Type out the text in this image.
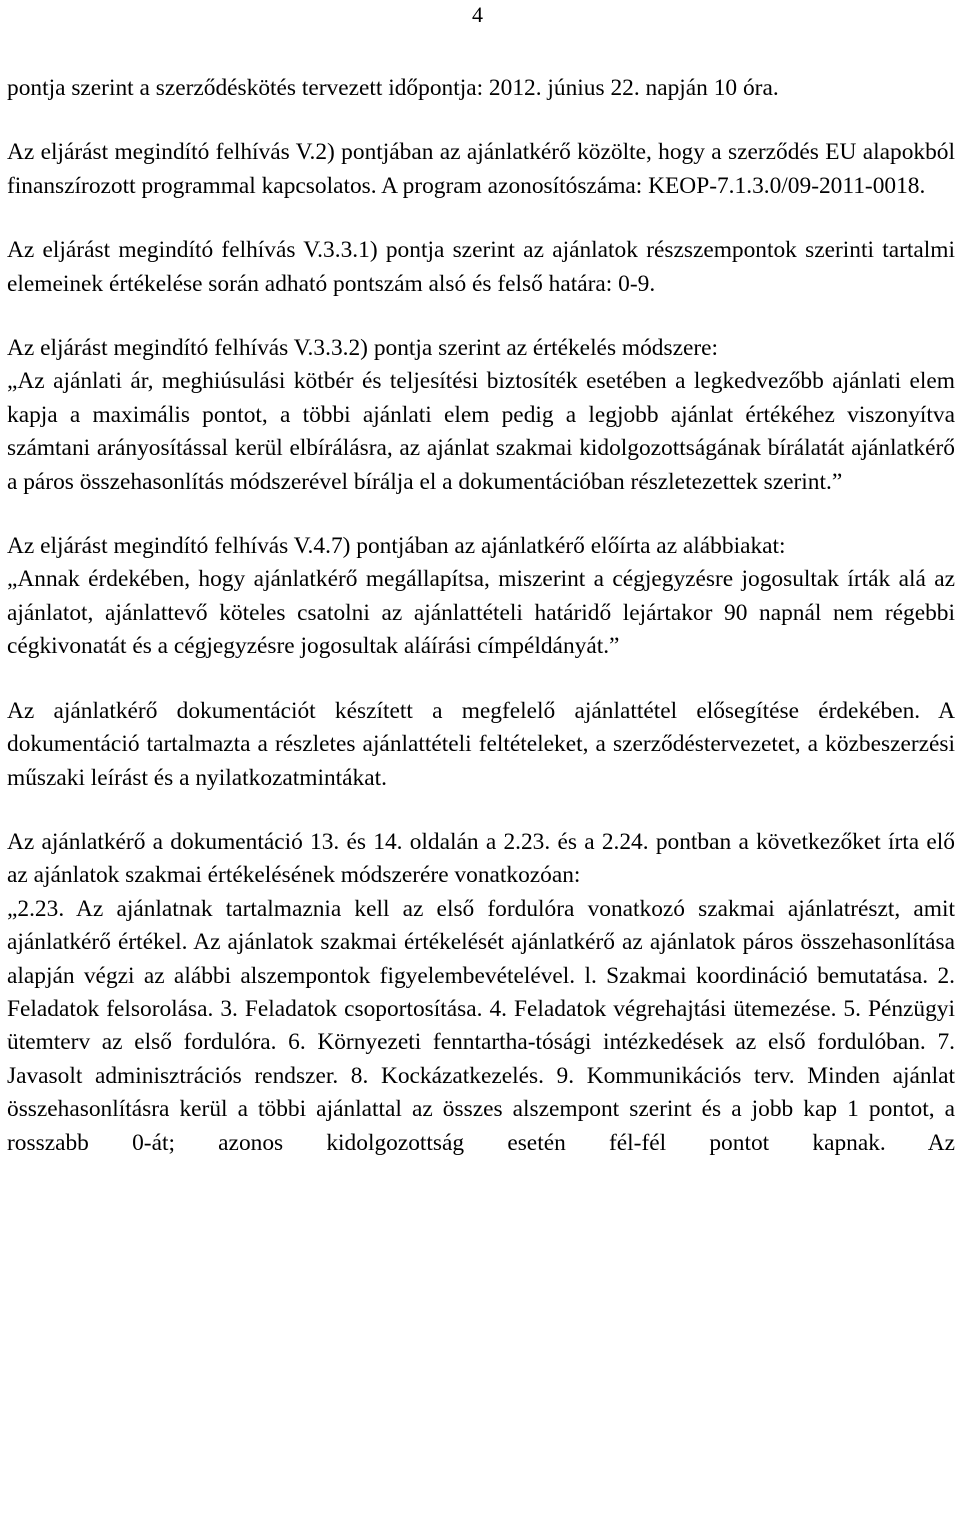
4

pontja szerint a szerződéskötés tervezett időpontja: 2012. június 22. napján 10 óra.

Az eljárást megindító felhívás V.2) pontjában az ajánlatkérő közölte, hogy a szerződés EU alapokból finanszírozott programmal kapcsolatos. A program azonosítószáma: KEOP-7.1.3.0/09-2011-0018.

Az eljárást megindító felhívás V.3.3.1) pontja szerint az ajánlatok részszempontok szerinti tartalmi elemeinek értékelése során adható pontszám alsó és felső határa: 0-9.

Az eljárást megindító felhívás V.3.3.2) pontja szerint az értékelés módszere:
„Az ajánlati ár, meghiúsulási kötbér és teljesítési biztosíték esetében a legkedvezőbb ajánlati elem kapja a maximális pontot, a többi ajánlati elem pedig a legjobb ajánlat értékéhez viszonyítva számtani arányosítással kerül elbírálásra, az ajánlat szakmai kidolgozottságának bírálatát ajánlatkérő a páros összehasonlítás módszerével bírálja el a dokumentációban részletezettek szerint.”

Az eljárást megindító felhívás V.4.7) pontjában az ajánlatkérő előírta az alábbiakat:
„Annak érdekében, hogy ajánlatkérő megállapítsa, miszerint a cégjegyzésre jogosultak írták alá az ajánlatot, ajánlattevő köteles csatolni az ajánlattételi határidő lejártakor 90 napnál nem régebbi cégkivonatát és a cégjegyzésre jogosultak aláírási címpéldányát.”

Az ajánlatkérő dokumentációt készített a megfelelő ajánlattétel elősegítése érdekében. A dokumentáció tartalmazta a részletes ajánlattételi feltételeket, a szerződéstervezetet, a közbeszerzési műszaki leírást és a nyilatkozatmintákat.

Az ajánlatkérő a dokumentáció 13. és 14. oldalán a 2.23. és a 2.24. pontban a következőket írta elő az ajánlatok szakmai értékelésének módszerére vonatkozóan:
„2.23. Az ajánlatnak tartalmaznia kell az első fordulóra vonatkozó szakmai ajánlatrészt, amit ajánlatkérő értékel. Az ajánlatok szakmai értékelését ajánlatkérő az ajánlatok páros összehasonlítása alapján végzi az alábbi alszempontok figyelembevételével. l. Szakmai koordináció bemutatása. 2. Feladatok felsorolása. 3. Feladatok csoportosítása. 4. Feladatok végrehajtási ütemezése. 5. Pénzügyi ütemterv az első fordulóra. 6. Környezeti fenntartha-tósági intézkedések az első fordulóban. 7. Javasolt adminisztrációs rendszer. 8. Kockázatkezelés. 9. Kommunikációs terv. Minden ajánlat összehasonlításra kerül a többi ajánlattal az összes alszempont szerint és a jobb kap 1 pontot, a rosszabb 0-át; azonos kidolgozottság esetén fél-fél pontot kapnak. Az
